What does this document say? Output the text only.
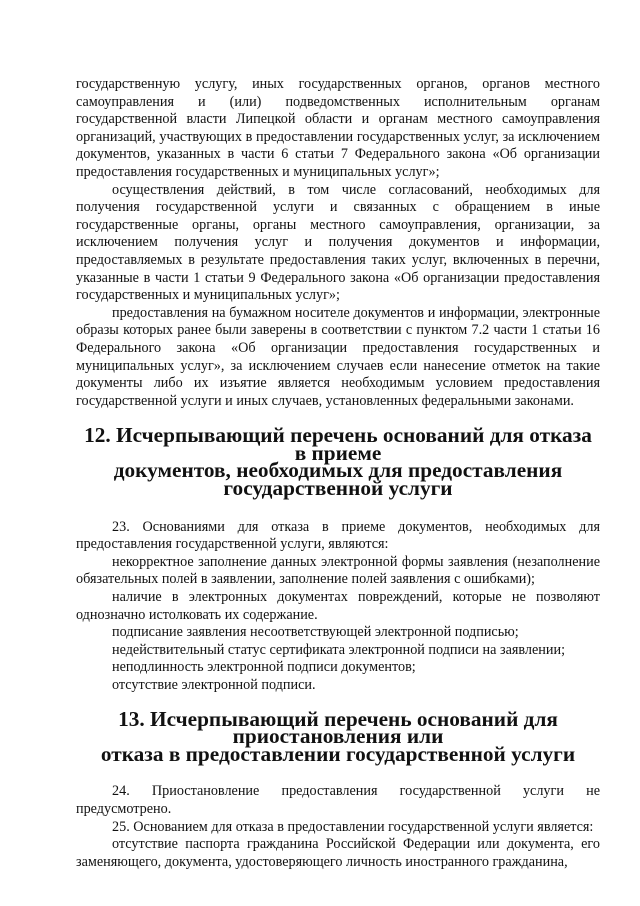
государственную услугу, иных государственных органов, органов местного самоуправления и (или) подведомственных исполнительным органам государственной власти Липецкой области и органам местного самоуправления организаций, участвующих в предоставлении государственных услуг, за исключением документов, указанных в части 6 статьи 7 Федерального закона «Об организации предоставления государственных и муниципальных услуг»;

осуществления действий, в том числе согласований, необходимых для получения государственной услуги и связанных с обращением в иные государственные органы, органы местного самоуправления, организации, за исключением получения услуг и получения документов и информации, предоставляемых в результате предоставления таких услуг, включенных в перечни, указанные в части 1 статьи 9 Федерального закона «Об организации предоставления государственных и муниципальных услуг»;

предоставления на бумажном носителе документов и информации, электронные образы которых ранее были заверены в соответствии с пунктом 7.2 части 1 статьи 16 Федерального закона «Об организации предоставления государственных и муниципальных услуг», за исключением случаев если нанесение отметок на такие документы либо их изъятие является необходимым условием предоставления государственной услуги и иных случаев, установленных федеральными законами.

12. Исчерпывающий перечень оснований для отказа в приеме
документов, необходимых для предоставления государственной услуги

23. Основаниями для отказа в приеме документов, необходимых для предоставления государственной услуги, являются:

некорректное заполнение данных электронной формы заявления (незаполнение обязательных полей в заявлении, заполнение полей заявления с ошибками);

наличие в электронных документах повреждений, которые не позволяют однозначно истолковать их содержание.

подписание заявления несоответствующей электронной подписью;

недействительный статус сертификата электронной подписи на заявлении;

неподлинность электронной подписи документов;

отсутствие электронной подписи.

13. Исчерпывающий перечень оснований для приостановления или
отказа в предоставлении государственной услуги

24. Приостановление предоставления государственной услуги не предусмотрено.

25. Основанием для отказа в предоставлении государственной услуги является:

отсутствие паспорта гражданина Российской Федерации или документа, его заменяющего, документа, удостоверяющего личность иностранного гражданина,
